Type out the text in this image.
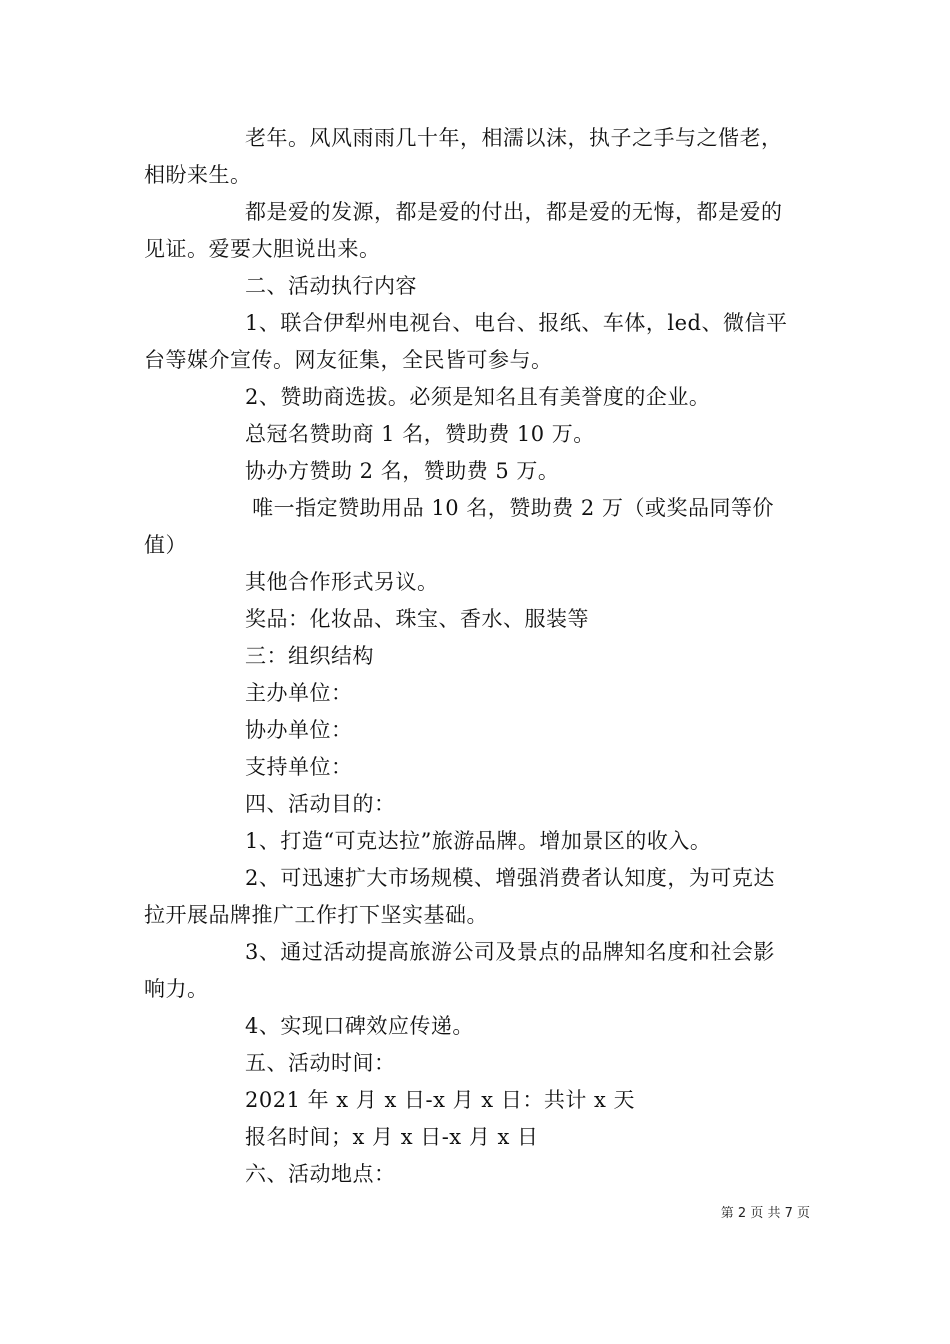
老年。风风雨雨几十年，相濡以沫，执子之手与之偕老，
相盼来生。
都是爱的发源，都是爱的付出，都是爱的无悔，都是爱的
见证。爱要大胆说出来。
二、活动执行内容
1、联合伊犁州电视台、电台、报纸、车体，led、微信平
台等媒介宣传。网友征集，全民皆可参与。
2、赞助商选拔。必须是知名且有美誉度的企业。
总冠名赞助商 1 名，赞助费 10 万。
协办方赞助 2 名，赞助费 5 万。
唯一指定赞助用品 10 名，赞助费 2 万（或奖品同等价
值）
其他合作形式另议。
奖品：化妆品、珠宝、香水、服装等
三：组织结构
主办单位：
协办单位：
支持单位：
四、活动目的：
1、打造“可克达拉”旅游品牌。增加景区的收入。
2、可迅速扩大市场规模、增强消费者认知度，为可克达
拉开展品牌推广工作打下坚实基础。
3、通过活动提高旅游公司及景点的品牌知名度和社会影
响力。
4、实现口碑效应传递。
五、活动时间：
2021 年 x 月 x 日-x 月 x 日：共计 x 天
报名时间；x 月 x 日-x 月 x 日
六、活动地点：
第 2 页 共 7 页
